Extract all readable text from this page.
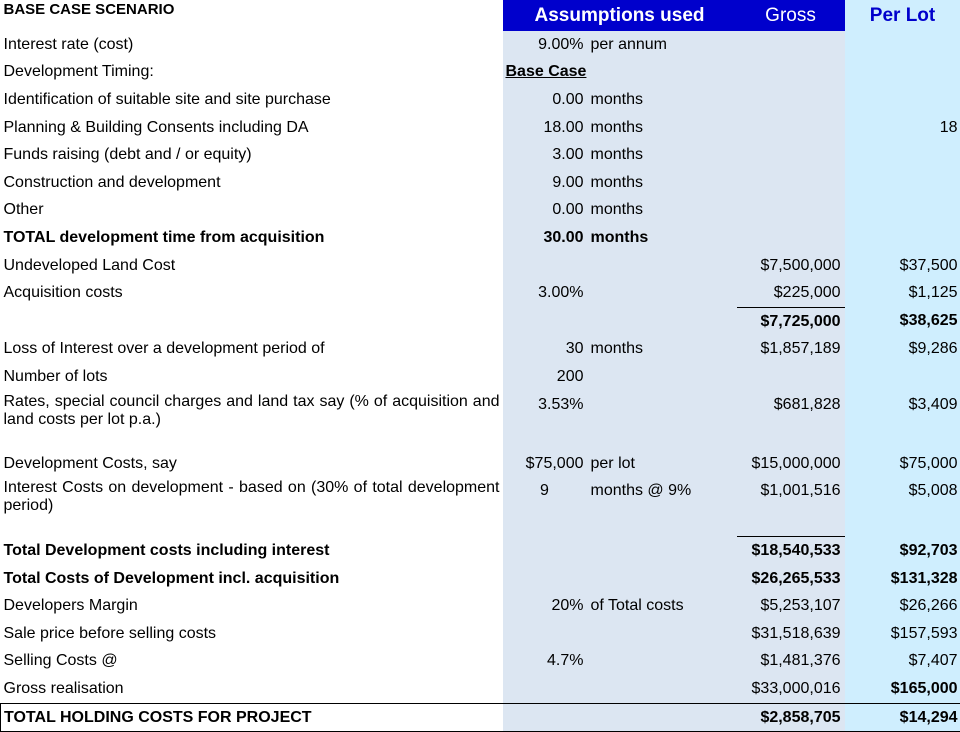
BASE CASE SCENARIO	Assumptions used		Gross	Per Lot
Interest rate (cost)	9.00%	per annum		
Development Timing:	Base Case			
Identification of suitable site and site purchase	0.00	months		
Planning & Building Consents including DA	18.00	months		18
Funds raising (debt and / or equity)	3.00	months		
Construction and development	9.00	months		
Other	0.00	months		
TOTAL development time from acquisition	30.00	months		
Undeveloped Land Cost			$7,500,000	$37,500
Acquisition costs	3.00%		$225,000	$1,125
			$7,725,000	$38,625
Loss of Interest over a development period of	30	months	$1,857,189	$9,286
Number of lots	200			
Rates, special council charges and land tax say (% of acquisition and land costs per lot p.a.)	3.53%		$681,828	$3,409
Development Costs, say	$75,000	per lot	$15,000,000	$75,000
Interest Costs on development - based on (30% of total development period)	9	months @ 9%	$1,001,516	$5,008
Total Development costs including interest			$18,540,533	$92,703
Total Costs of Development incl. acquisition			$26,265,533	$131,328
Developers Margin	20%	of Total costs	$5,253,107	$26,266
Sale price before selling costs			$31,518,639	$157,593
Selling Costs @	4.7%		$1,481,376	$7,407
Gross realisation			$33,000,016	$165,000
TOTAL HOLDING COSTS FOR PROJECT			$2,858,705	$14,294
